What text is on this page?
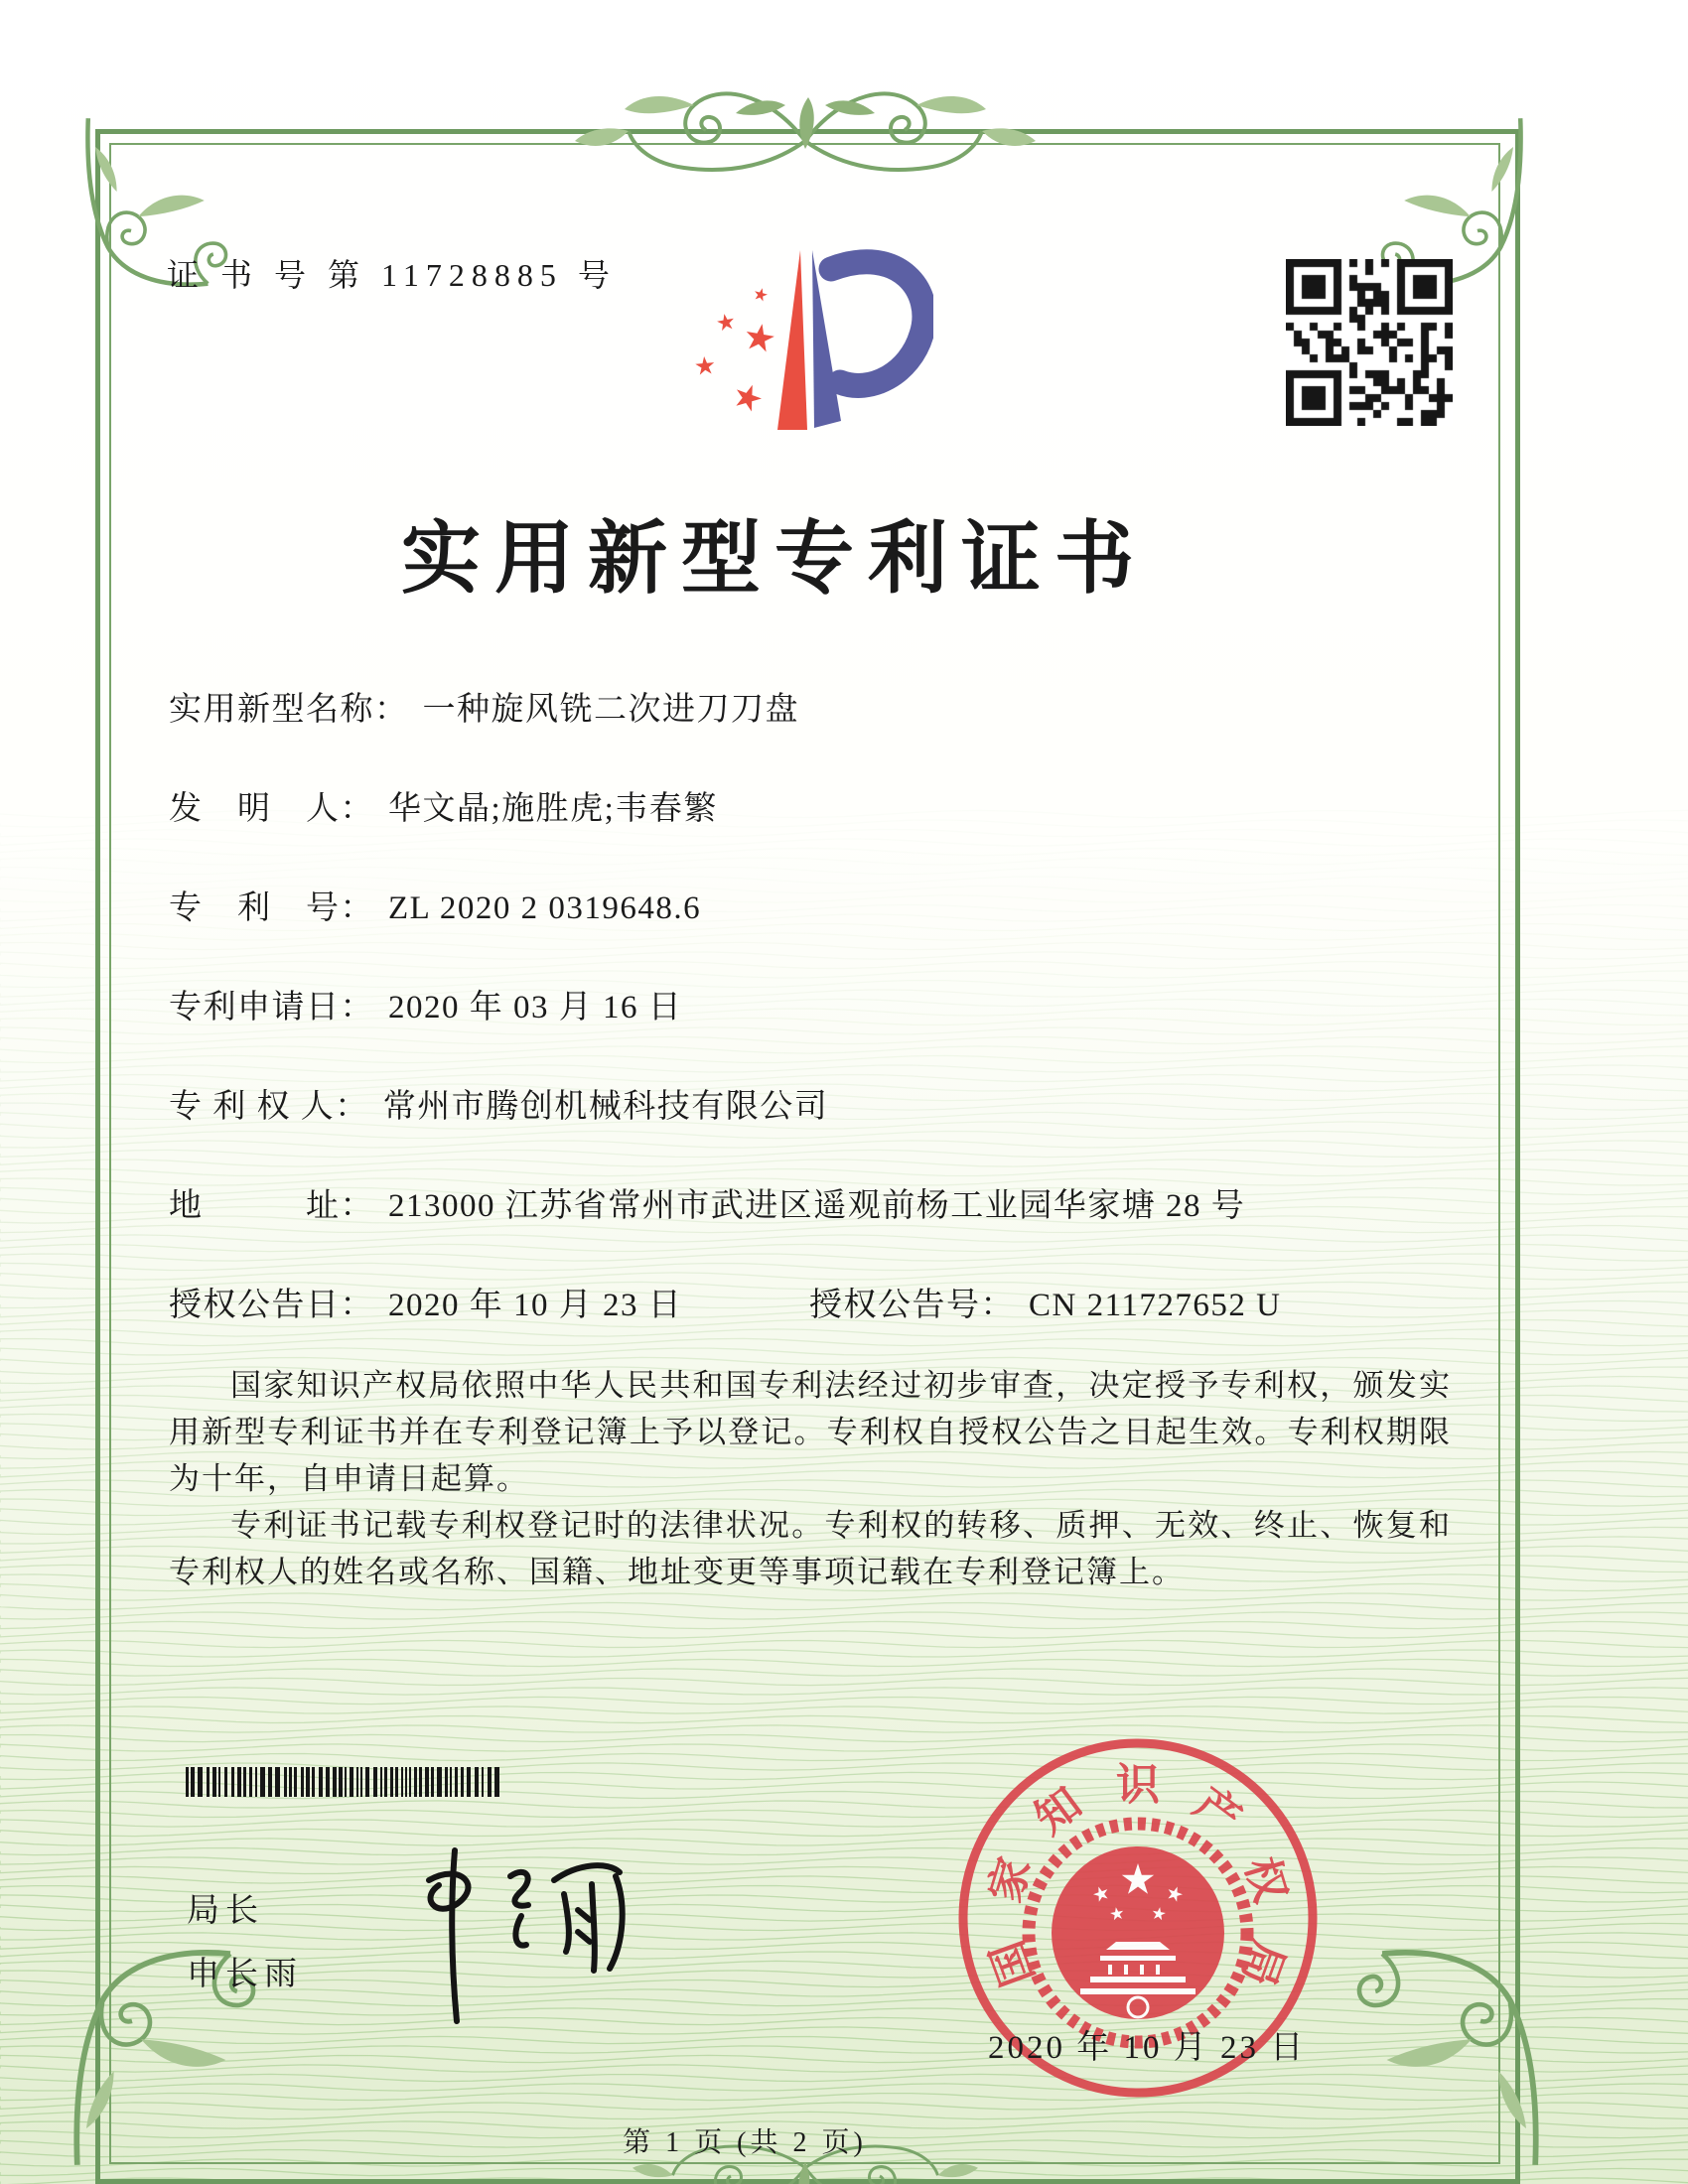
证 书 号 第 11728885 号
实用新型专利证书
实用新型名称： 一种旋风铣二次进刀刀盘
发　明　人： 华文晶;施胜虎;韦春繁
专　利　号： ZL 2020 2 0319648.6
专利申请日： 2020 年 03 月 16 日
专 利 权 人： 常州市腾创机械科技有限公司
地　　　址： 213000 江苏省常州市武进区遥观前杨工业园华家塘 28 号
授权公告日： 2020 年 10 月 23 日	授权公告号： CN 211727652 U

国家知识产权局依照中华人民共和国专利法经过初步审查，决定授予专利权，颁发实用新型专利证书并在专利登记簿上予以登记。专利权自授权公告之日起生效。专利权期限为十年，自申请日起算。

专利证书记载专利权登记时的法律状况。专利权的转移、质押、无效、终止、恢复和专利权人的姓名或名称、国籍、地址变更等事项记载在专利登记簿上。

局长
申长雨	国
家
知 识 产
权
局
2020 年 10 月 23 日
第 1 页 (共 2 页)
